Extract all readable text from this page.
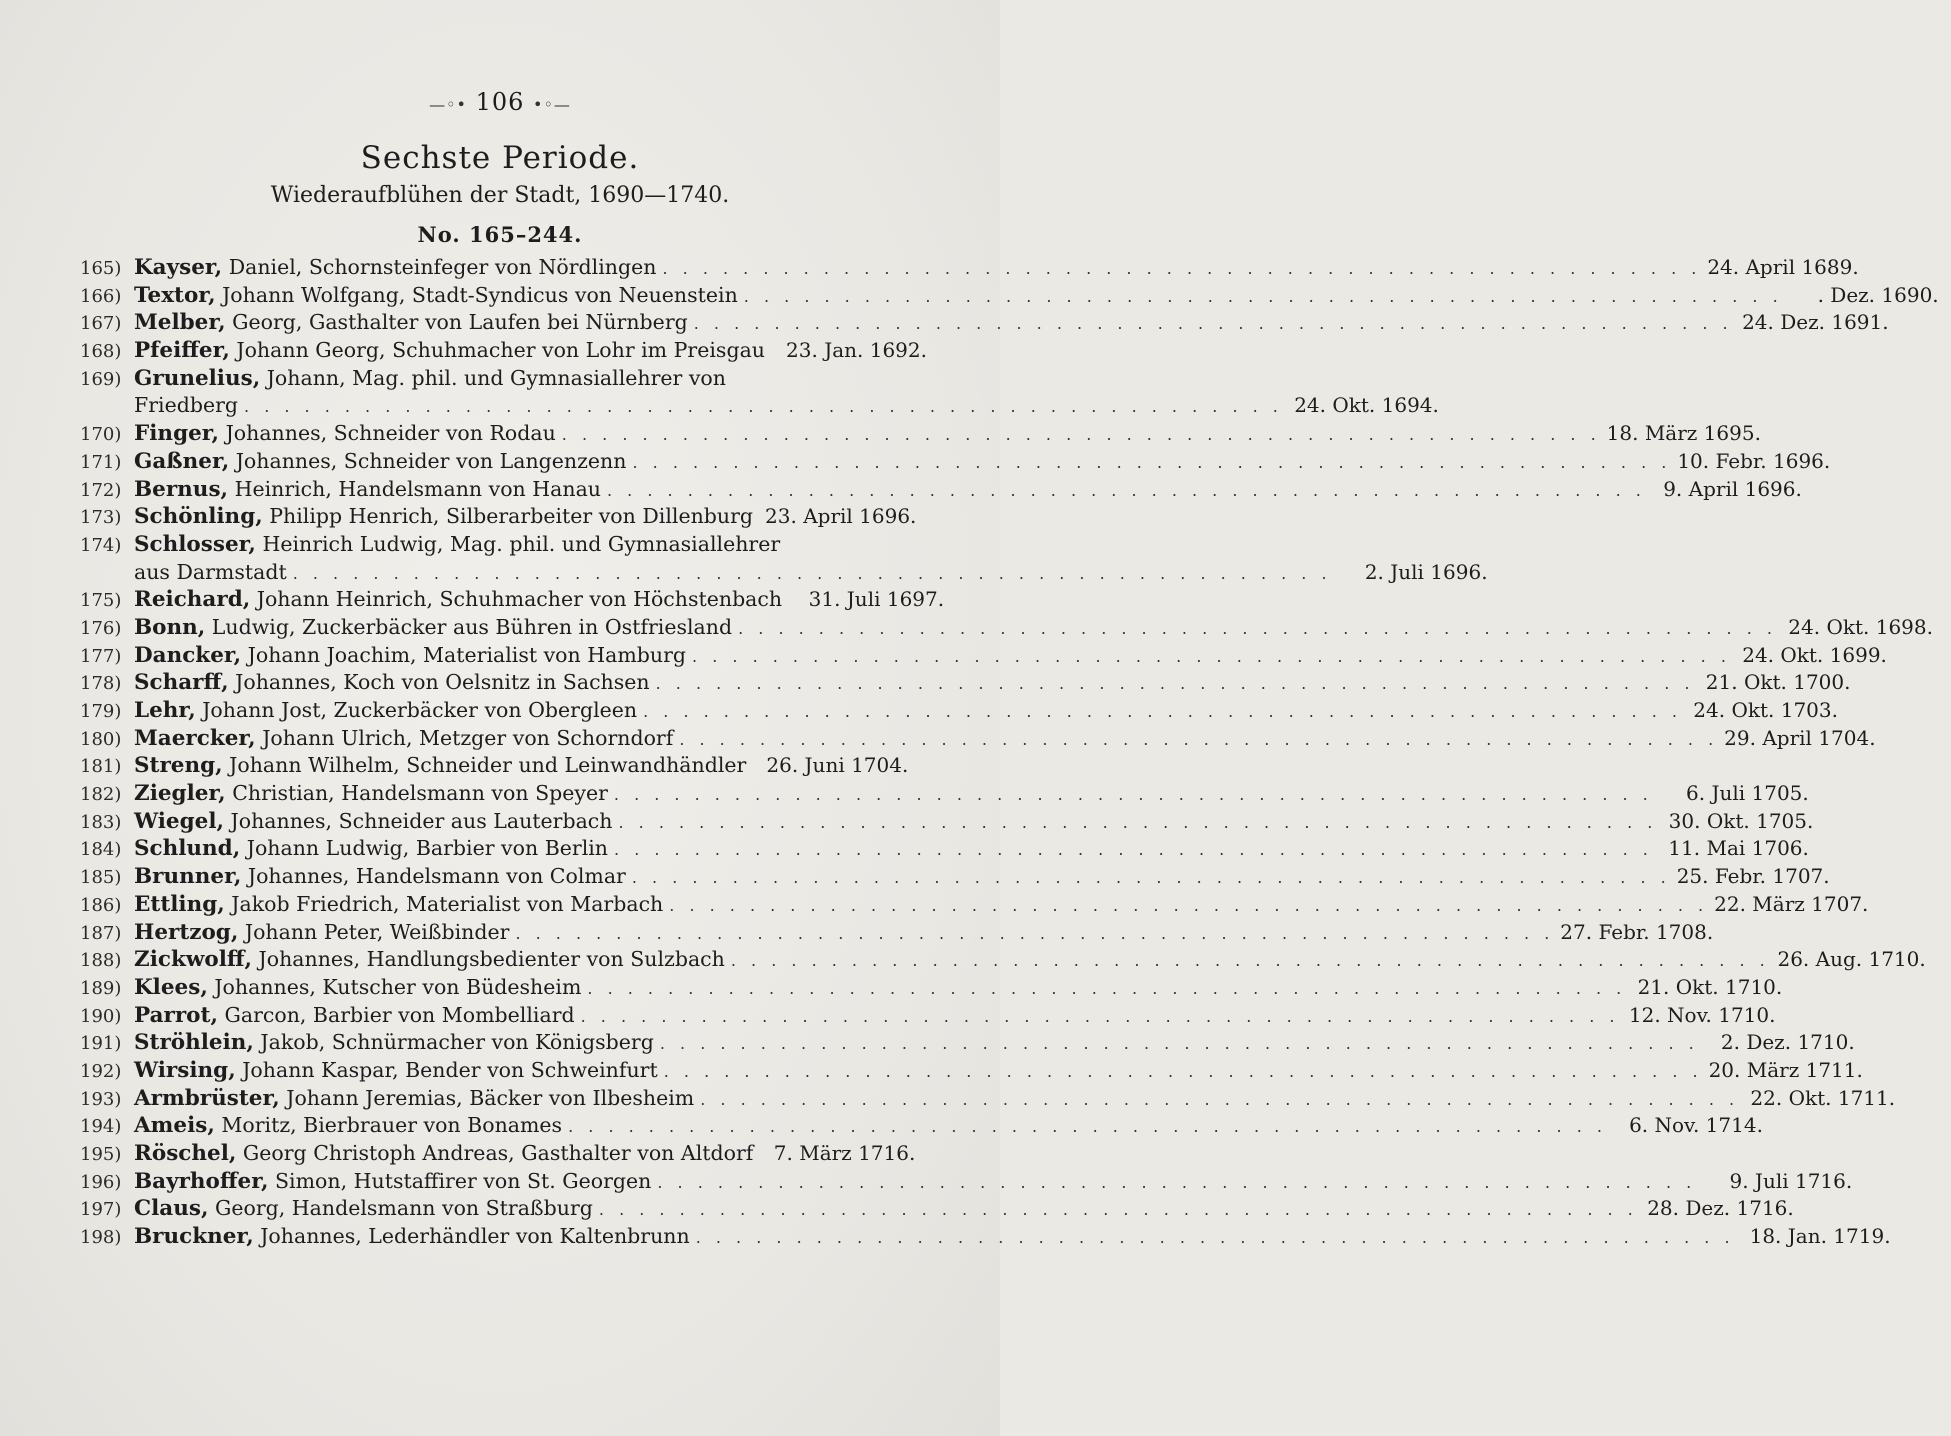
—◦• 106 •◦—
Sechste Periode.
Wiederaufblühen der Stadt, 1690—1740.
No. 165–244.
165) Kayser,
Daniel, Schornsteinfeger von Nördlingen . . . . . . . . . . . . . . . . . . . . . . . . . . . . . . . . . . . . . . . . . . . . . . . . . . . . 24. April 1689.
166) Textor,
Johann Wolfgang, Stadt-Syndicus von Neuenstein . . . . . . . . . . . . . . . . . . . . . . . . . . . . . . . . . . . . . . . . . . . . . . . . . . . .	. Dez. 1690.
167) Melber,
Georg, Gasthalter von Laufen bei Nürnberg . . . . . . . . . . . . . . . . . . . . . . . . . . . . . . . . . . . . . . . . . . . . . . . . . . . . 24. Dez. 1691.
168) Pfeiffer,
Johann Georg, Schuhmacher von Lohr im Preisgau	23. Jan. 1692.
169) Grunelius,
Johann, Mag. phil. und Gymnasiallehrer von
Friedberg . . . . . . . . . . . . . . . . . . . . . . . . . . . . . . . . . . . . . . . . . . . . . . . . . . . . 24. Okt. 1694.
170) Finger,
Johannes, Schneider von Rodau . . . . . . . . . . . . . . . . . . . . . . . . . . . . . . . . . . . . . . . . . . . . . . . . . . . . 18. März 1695.
171) Gaßner,
Johannes, Schneider von Langenzenn . . . . . . . . . . . . . . . . . . . . . . . . . . . . . . . . . . . . . . . . . . . . . . . . . . . . 10. Febr. 1696.
172) Bernus,
Heinrich, Handelsmann von Hanau . . . . . . . . . . . . . . . . . . . . . . . . . . . . . . . . . . . . . . . . . . . . . . . . . . . . 9. April 1696.
173) Schönling,
Philipp Henrich, Silberarbeiter von Dillenburg 23. April 1696.
174) Schlosser,
Heinrich Ludwig, Mag. phil. und Gymnasiallehrer
aus Darmstadt . . . . . . . . . . . . . . . . . . . . . . . . . . . . . . . . . . . . . . . . . . . . . . . . . . . .	2. Juli 1696.
175) Reichard,
Johann Heinrich, Schuhmacher von Höchstenbach	31. Juli 1697.
176) Bonn,
Ludwig, Zuckerbäcker aus Bühren in Ostfriesland . . . . . . . . . . . . . . . . . . . . . . . . . . . . . . . . . . . . . . . . . . . . . . . . . . . . 24. Okt. 1698.
177) Dancker,
Johann Joachim, Materialist von Hamburg . . . . . . . . . . . . . . . . . . . . . . . . . . . . . . . . . . . . . . . . . . . . . . . . . . . . 24. Okt. 1699.
178) Scharff,
Johannes, Koch von Oelsnitz in Sachsen . . . . . . . . . . . . . . . . . . . . . . . . . . . . . . . . . . . . . . . . . . . . . . . . . . . . 21. Okt. 1700.
179) Lehr,
Johann Jost, Zuckerbäcker von Obergleen . . . . . . . . . . . . . . . . . . . . . . . . . . . . . . . . . . . . . . . . . . . . . . . . . . . . 24. Okt. 1703.
180) Maercker,
Johann Ulrich, Metzger von Schorndorf . . . . . . . . . . . . . . . . . . . . . . . . . . . . . . . . . . . . . . . . . . . . . . . . . . . . 29. April 1704.
181) Streng,
Johann Wilhelm, Schneider und Leinwandhändler	26. Juni 1704.
182) Ziegler,
Christian, Handelsmann von Speyer . . . . . . . . . . . . . . . . . . . . . . . . . . . . . . . . . . . . . . . . . . . . . . . . . . . .	6. Juli 1705.
183) Wiegel,
Johannes, Schneider aus Lauterbach . . . . . . . . . . . . . . . . . . . . . . . . . . . . . . . . . . . . . . . . . . . . . . . . . . . . 30. Okt. 1705.
184) Schlund,
Johann Ludwig, Barbier von Berlin . . . . . . . . . . . . . . . . . . . . . . . . . . . . . . . . . . . . . . . . . . . . . . . . . . . . 11. Mai 1706.
185) Brunner,
Johannes, Handelsmann von Colmar . . . . . . . . . . . . . . . . . . . . . . . . . . . . . . . . . . . . . . . . . . . . . . . . . . . . 25. Febr. 1707.
186) Ettling,
Jakob Friedrich, Materialist von Marbach . . . . . . . . . . . . . . . . . . . . . . . . . . . . . . . . . . . . . . . . . . . . . . . . . . . . 22. März 1707.
187) Hertzog,
Johann Peter, Weißbinder . . . . . . . . . . . . . . . . . . . . . . . . . . . . . . . . . . . . . . . . . . . . . . . . . . . . 27. Febr. 1708.
188) Zickwolff,
Johannes, Handlungsbedienter von Sulzbach . . . . . . . . . . . . . . . . . . . . . . . . . . . . . . . . . . . . . . . . . . . . . . . . . . . . 26. Aug. 1710.
189) Klees,
Johannes, Kutscher von Büdesheim . . . . . . . . . . . . . . . . . . . . . . . . . . . . . . . . . . . . . . . . . . . . . . . . . . . . 21. Okt. 1710.
190) Parrot,
Garcon, Barbier von Mombelliard . . . . . . . . . . . . . . . . . . . . . . . . . . . . . . . . . . . . . . . . . . . . . . . . . . . . 12. Nov. 1710.
191) Ströhlein,
Jakob, Schnürmacher von Königsberg . . . . . . . . . . . . . . . . . . . . . . . . . . . . . . . . . . . . . . . . . . . . . . . . . . . .	2. Dez. 1710.
192) Wirsing,
Johann Kaspar, Bender von Schweinfurt . . . . . . . . . . . . . . . . . . . . . . . . . . . . . . . . . . . . . . . . . . . . . . . . . . . . 20. März 1711.
193) Armbrüster,
Johann Jeremias, Bäcker von Ilbesheim . . . . . . . . . . . . . . . . . . . . . . . . . . . . . . . . . . . . . . . . . . . . . . . . . . . . 22. Okt. 1711.
194) Ameis,
Moritz, Bierbrauer von Bonames . . . . . . . . . . . . . . . . . . . . . . . . . . . . . . . . . . . . . . . . . . . . . . . . . . . .	6. Nov. 1714.
195) Röschel,
Georg Christoph Andreas, Gasthalter von Altdorf	7. März 1716.
196) Bayrhoffer,
Simon, Hutstaffirer von St. Georgen . . . . . . . . . . . . . . . . . . . . . . . . . . . . . . . . . . . . . . . . . . . . . . . . . . . .	9. Juli 1716.
197) Claus,
Georg, Handelsmann von Straßburg . . . . . . . . . . . . . . . . . . . . . . . . . . . . . . . . . . . . . . . . . . . . . . . . . . . . 28. Dez. 1716.
198) Bruckner,
Johannes, Lederhändler von Kaltenbrunn . . . . . . . . . . . . . . . . . . . . . . . . . . . . . . . . . . . . . . . . . . . . . . . . . . . . 18. Jan. 1719.
